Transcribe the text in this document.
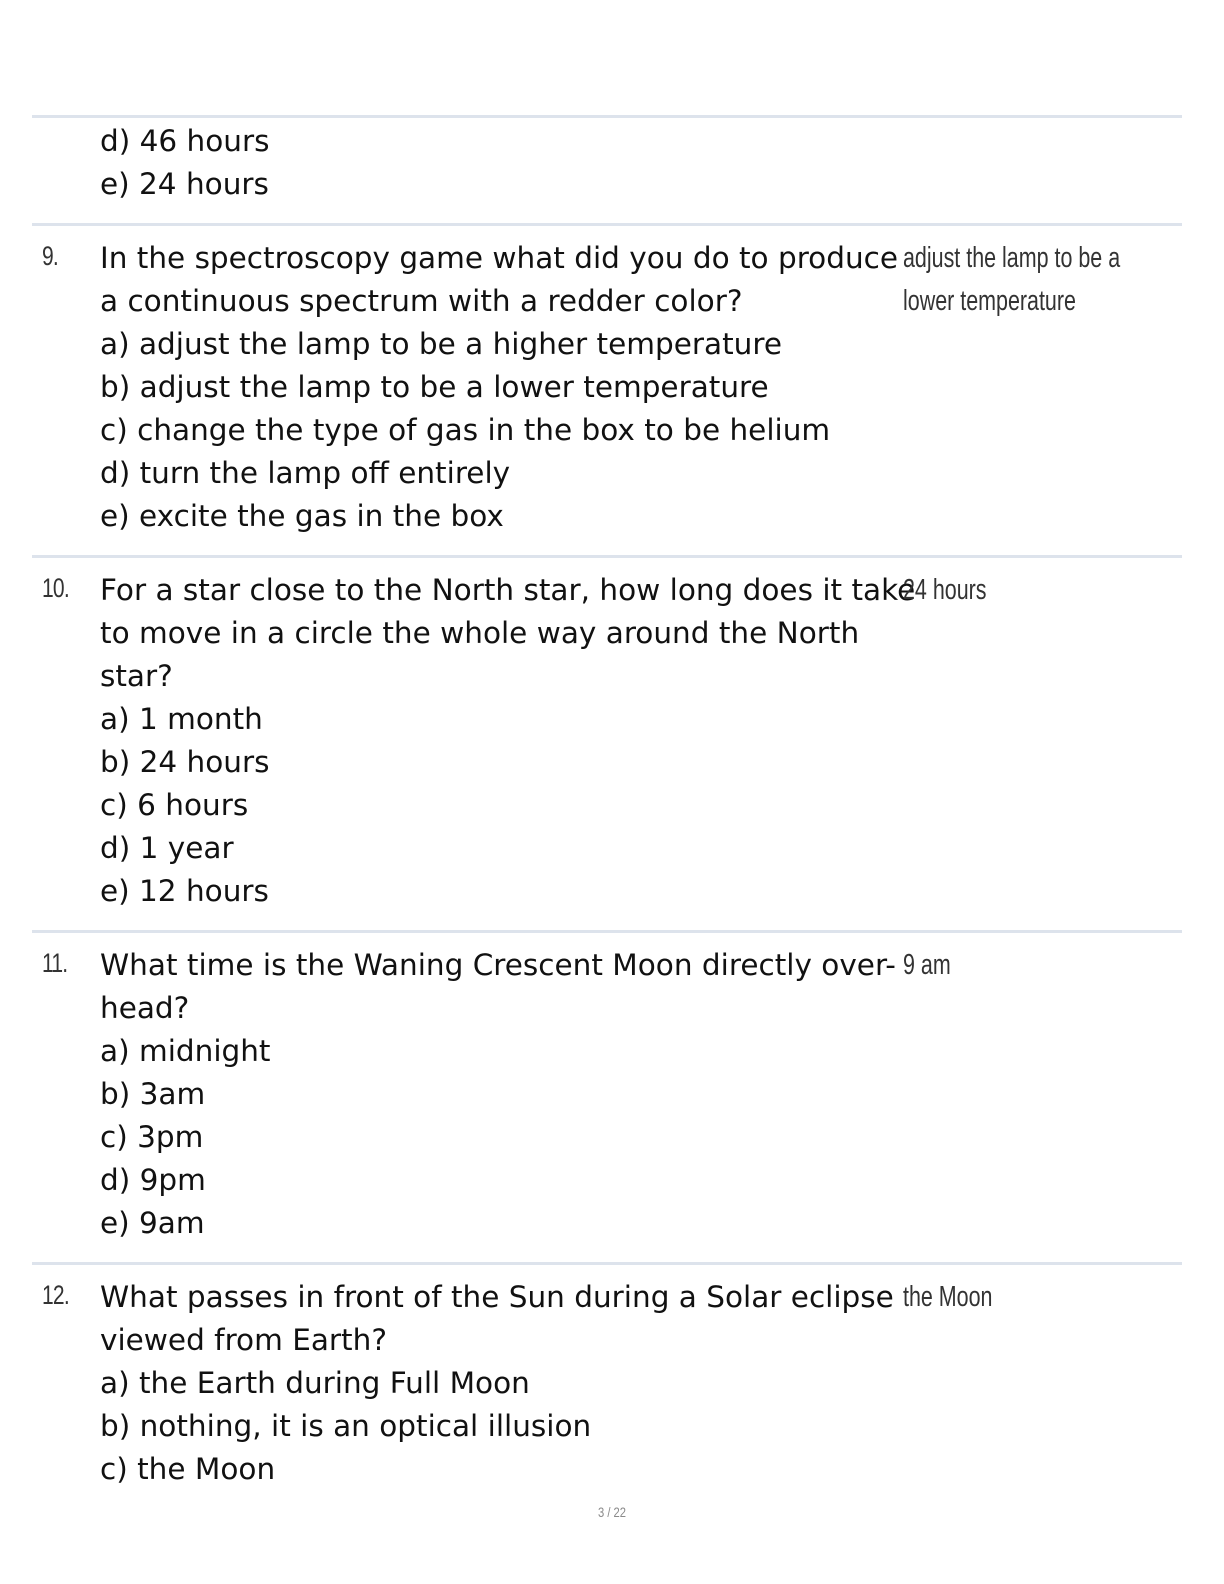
d) 46 hours
e) 24 hours
9. In the spectroscopy game what did you do to produce
a continuous spectrum with a redder color?
a) adjust the lamp to be a higher temperature
b) adjust the lamp to be a lower temperature
c) change the type of gas in the box to be helium
d) turn the lamp off entirely
e) excite the gas in the box
adjust the lamp to be a
lower temperature
10. For a star close to the North star, how long does it take
to move in a circle the whole way around the North
star?
a) 1 month
b) 24 hours
c) 6 hours
d) 1 year
e) 12 hours
24 hours
11. What time is the Waning Crescent Moon directly over-
head?
a) midnight
b) 3am
c) 3pm
d) 9pm
e) 9am
9 am
12. What passes in front of the Sun during a Solar eclipse
viewed from Earth?
a) the Earth during Full Moon
b) nothing, it is an optical illusion
c) the Moon
the Moon
3 / 22
